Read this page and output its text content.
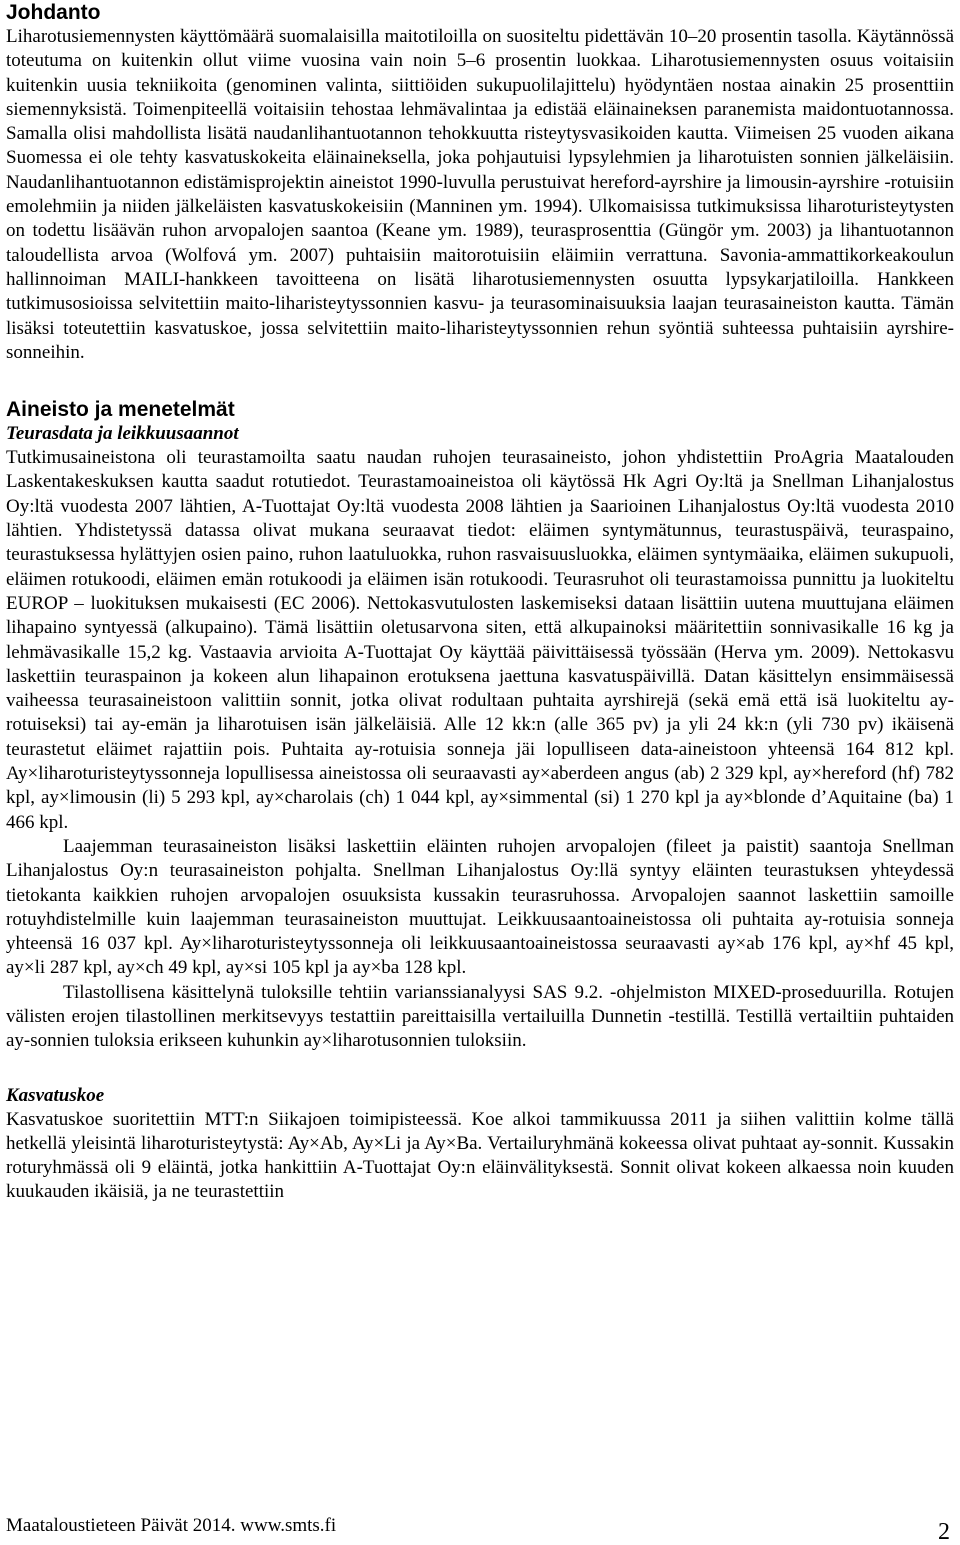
Johdanto

Liharotusiemennysten käyttömäärä suomalaisilla maitotiloilla on suositeltu pidettävän 10–20 prosentin tasolla. Käytännössä toteutuma on kuitenkin ollut viime vuosina vain noin 5–6 prosentin luokkaa. Liharotusiemennysten osuus voitaisiin kuitenkin uusia tekniikoita (genominen valinta, siittiöiden sukupuolilajittelu) hyödyntäen nostaa ainakin 25 prosenttiin siemennyksistä. Toimenpiteellä voitaisiin tehostaa lehmävalintaa ja edistää eläinaineksen paranemista maidontuotannossa. Samalla olisi mahdollista lisätä naudanlihantuotannon tehokkuutta risteytysvasikoiden kautta. Viimeisen 25 vuoden aikana Suomessa ei ole tehty kasvatuskokeita eläinaineksella, joka pohjautuisi lypsylehmien ja liharotuisten sonnien jälkeläisiin. Naudanlihantuotannon edistämisprojektin aineistot 1990-luvulla perustuivat hereford-ayrshire ja limousin-ayrshire -rotuisiin emolehmiin ja niiden jälkeläisten kasvatuskokeisiin (Manninen ym. 1994). Ulkomaisissa tutkimuksissa liharoturisteytysten on todettu lisäävän ruhon arvopalojen saantoa (Keane ym. 1989), teurasprosenttia (Güngör ym. 2003) ja lihantuotannon taloudellista arvoa (Wolfová ym. 2007) puhtaisiin maitorotuisiin eläimiin verrattuna. Savonia-ammattikorkeakoulun hallinnoiman MAILI-hankkeen tavoitteena on lisätä liharotusiemennysten osuutta lypsykarjatiloilla. Hankkeen tutkimusosioissa selvitettiin maito-liharisteytyssonnien kasvu- ja teurasominaisuuksia laajan teurasaineiston kautta. Tämän lisäksi toteutettiin kasvatuskoe, jossa selvitettiin maito-liharisteytyssonnien rehun syöntiä suhteessa puhtaisiin ayrshire-sonneihin.

Aineisto ja menetelmät
Teurasdata ja leikkuusaannot

Tutkimusaineistona oli teurastamoilta saatu naudan ruhojen teurasaineisto, johon yhdistettiin ProAgria Maatalouden Laskentakeskuksen kautta saadut rotutiedot. Teurastamoaineistoa oli käytössä Hk Agri Oy:ltä ja Snellman Lihanjalostus Oy:ltä vuodesta 2007 lähtien, A-Tuottajat Oy:ltä vuodesta 2008 lähtien ja Saarioinen Lihanjalostus Oy:ltä vuodesta 2010 lähtien. Yhdistetyssä datassa olivat mukana seuraavat tiedot: eläimen syntymätunnus, teurastuspäivä, teuraspaino, teurastuksessa hylättyjen osien paino, ruhon laatuluokka, ruhon rasvaisuusluokka, eläimen syntymäaika, eläimen sukupuoli, eläimen rotukoodi, eläimen emän rotukoodi ja eläimen isän rotukoodi. Teurasruhot oli teurastamoissa punnittu ja luokiteltu EUROP – luokituksen mukaisesti (EC 2006). Nettokasvutulosten laskemiseksi dataan lisättiin uutena muuttujana eläimen lihapaino syntyessä (alkupaino). Tämä lisättiin oletusarvona siten, että alkupainoksi määritettiin sonnivasikalle 16 kg ja lehmävasikalle 15,2 kg. Vastaavia arvioita A-Tuottajat Oy käyttää päivittäisessä työssään (Herva ym. 2009). Nettokasvu laskettiin teuraspainon ja kokeen alun lihapainon erotuksena jaettuna kasvatuspäivillä. Datan käsittelyn ensimmäisessä vaiheessa teurasaineistoon valittiin sonnit, jotka olivat rodultaan puhtaita ayrshirejä (sekä emä että isä luokiteltu ay-rotuiseksi) tai ay-emän ja liharotuisen isän jälkeläisiä. Alle 12 kk:n (alle 365 pv) ja yli 24 kk:n (yli 730 pv) ikäisenä teurastetut eläimet rajattiin pois. Puhtaita ay-rotuisia sonneja jäi lopulliseen data-aineistoon yhteensä 164 812 kpl. Ay×liharoturisteytyssonneja lopullisessa aineistossa oli seuraavasti ay×aberdeen angus (ab) 2 329 kpl, ay×hereford (hf) 782 kpl, ay×limousin (li) 5 293 kpl, ay×charolais (ch) 1 044 kpl, ay×simmental (si) 1 270 kpl ja ay×blonde d’Aquitaine (ba) 1 466 kpl.

Laajemman teurasaineiston lisäksi laskettiin eläinten ruhojen arvopalojen (fileet ja paistit) saantoja Snellman Lihanjalostus Oy:n teurasaineiston pohjalta. Snellman Lihanjalostus Oy:llä syntyy eläinten teurastuksen yhteydessä tietokanta kaikkien ruhojen arvopalojen osuuksista kussakin teurasruhossa. Arvopalojen saannot laskettiin samoille rotuyhdistelmille kuin laajemman teurasaineiston muuttujat. Leikkuusaantoaineistossa oli puhtaita ay-rotuisia sonneja yhteensä 16 037 kpl. Ay×liharoturisteytyssonneja oli leikkuusaantoaineistossa seuraavasti ay×ab 176 kpl, ay×hf 45 kpl, ay×li 287 kpl, ay×ch 49 kpl, ay×si 105 kpl ja ay×ba 128 kpl.

Tilastollisena käsittelynä tuloksille tehtiin varianssianalyysi SAS 9.2. -ohjelmiston MIXED-proseduurilla. Rotujen välisten erojen tilastollinen merkitsevyys testattiin pareittaisilla vertailuilla Dunnetin -testillä. Testillä vertailtiin puhtaiden ay-sonnien tuloksia erikseen kuhunkin ay×liharotusonnien tuloksiin.

Kasvatuskoe

Kasvatuskoe suoritettiin MTT:n Siikajoen toimipisteessä. Koe alkoi tammikuussa 2011 ja siihen valittiin kolme tällä hetkellä yleisintä liharoturisteytystä: Ay×Ab, Ay×Li ja Ay×Ba. Vertailuryhmänä kokeessa olivat puhtaat ay-sonnit. Kussakin roturyhmässä oli 9 eläintä, jotka hankittiin A-Tuottajat Oy:n eläinvälityksestä. Sonnit olivat kokeen alkaessa noin kuuden kuukauden ikäisiä, ja ne teurastettiin

Maataloustieteen Päivät 2014. www.smts.fi	2
